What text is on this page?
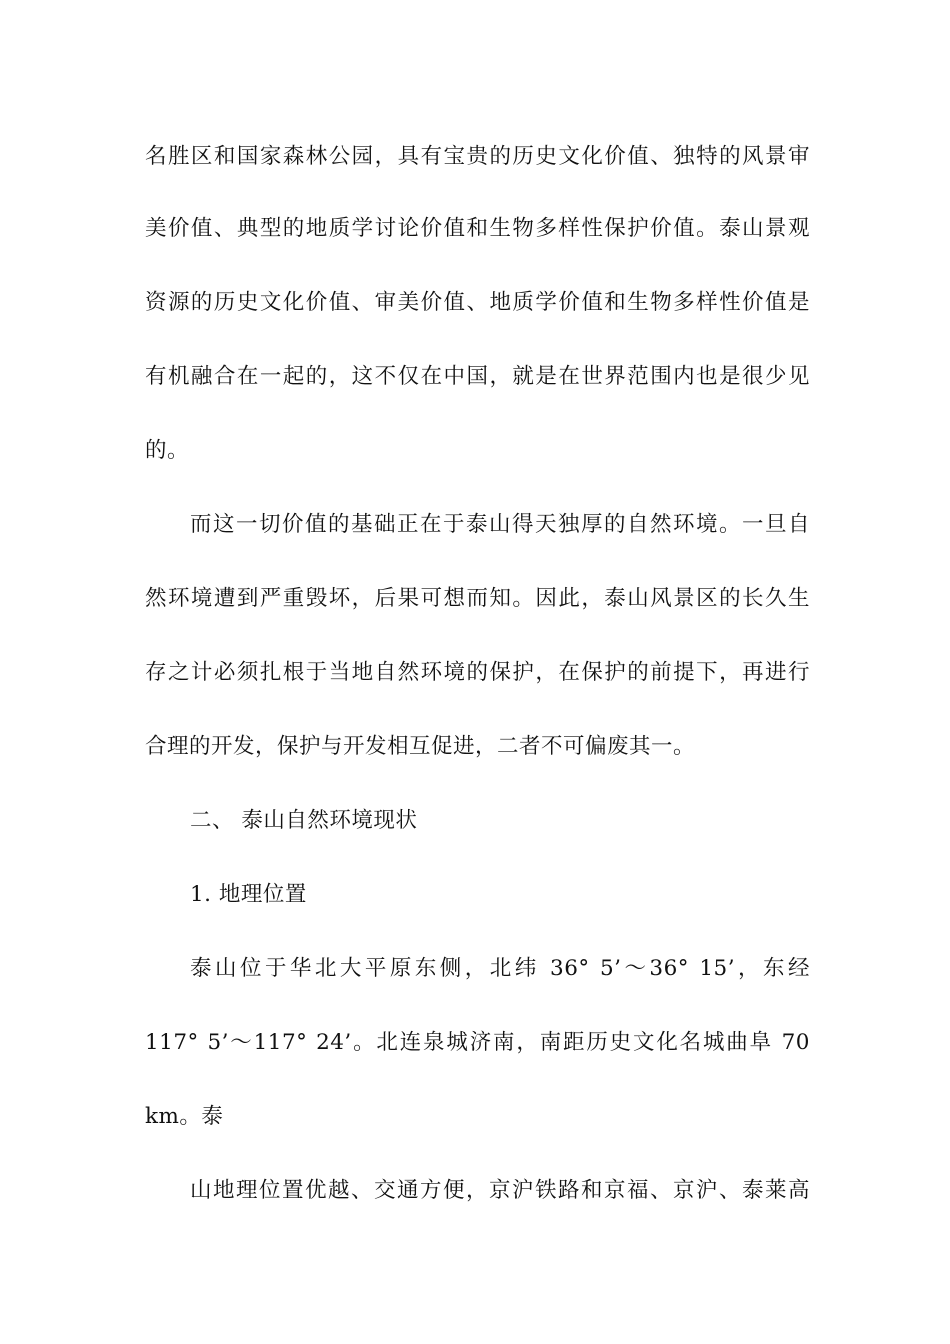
名胜区和国家森林公园，具有宝贵的历史文化价值、独特的风景审
美价值、典型的地质学讨论价值和生物多样性保护价值。泰山景观
资源的历史文化价值、审美价值、地质学价值和生物多样性价值是
有机融合在一起的，这不仅在中国，就是在世界范围内也是很少见
的。
而这一切价值的基础正在于泰山得天独厚的自然环境。一旦自
然环境遭到严重毁坏，后果可想而知。因此，泰山风景区的长久生
存之计必须扎根于当地自然环境的保护，在保护的前提下，再进行
合理的开发，保护与开发相互促进，二者不可偏废其一。
二、 泰山自然环境现状
1. 地理位置
泰山位于华北大平原东侧，北纬 36° 5’～36° 15’，东经
117° 5’～117° 24’。北连泉城济南，南距历史文化名城曲阜 70
km。泰
山地理位置优越、交通方便，京沪铁路和京福、京沪、泰莱高
